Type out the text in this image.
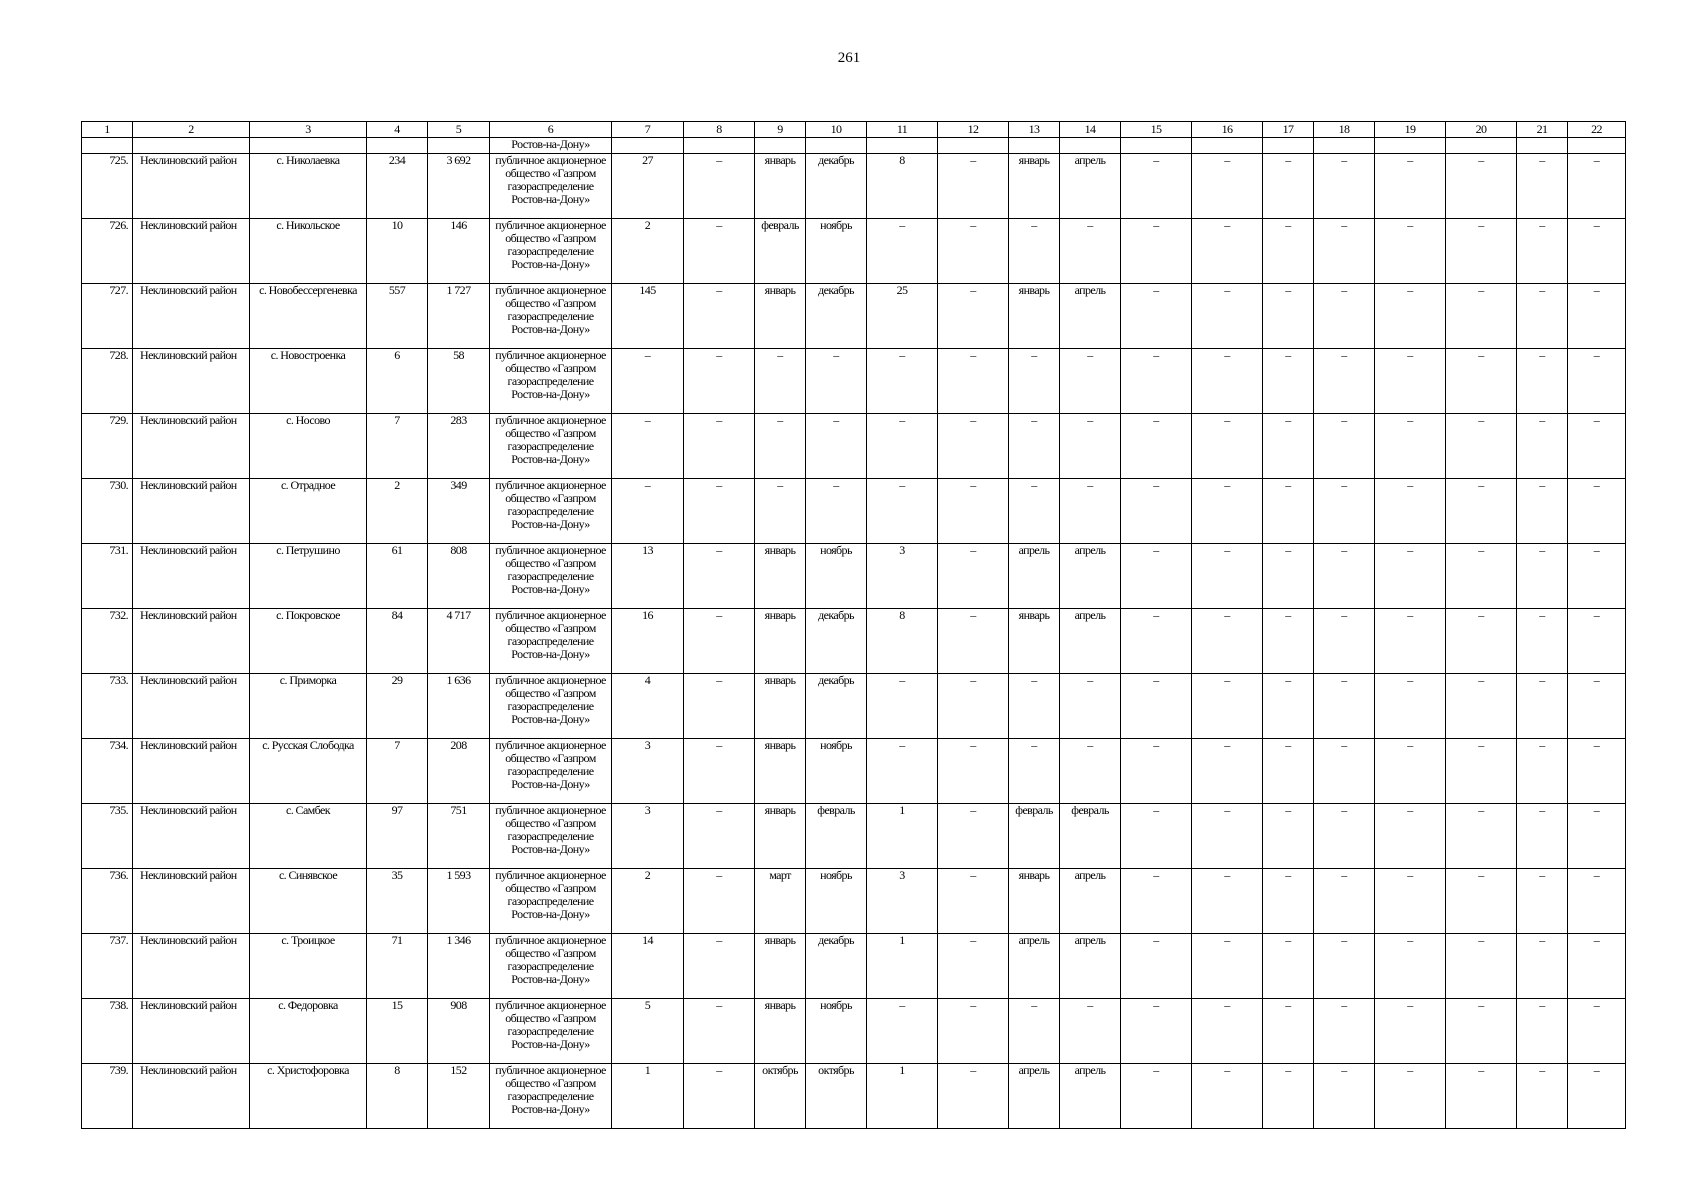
261
1	2	3	4	5	6	7	8	9	10	11	12	13	14	15	16	17	18	19	20	21	22
					Ростов-на-Дону»																
725.	Неклиновский район	с. Николаевка	234	3 692	публичное акционерное общество «Газпром газораспределение Ростов-на-Дону»	27	–	январь	декабрь	8	–	январь	апрель	–	–	–	–	–	–	–	–
726.	Неклиновский район	с. Никольское	10	146	публичное акционерное общество «Газпром газораспределение Ростов-на-Дону»	2	–	февраль	ноябрь	–	–	–	–	–	–	–	–	–	–	–	–
727.	Неклиновский район	с. Новобессергеневка	557	1 727	публичное акционерное общество «Газпром газораспределение Ростов-на-Дону»	145	–	январь	декабрь	25	–	январь	апрель	–	–	–	–	–	–	–	–
728.	Неклиновский район	с. Новостроенка	6	58	публичное акционерное общество «Газпром газораспределение Ростов-на-Дону»	–	–	–	–	–	–	–	–	–	–	–	–	–	–	–	–
729.	Неклиновский район	с. Носово	7	283	публичное акционерное общество «Газпром газораспределение Ростов-на-Дону»	–	–	–	–	–	–	–	–	–	–	–	–	–	–	–	–
730.	Неклиновский район	с. Отрадное	2	349	публичное акционерное общество «Газпром газораспределение Ростов-на-Дону»	–	–	–	–	–	–	–	–	–	–	–	–	–	–	–	–
731.	Неклиновский район	с. Петрушино	61	808	публичное акционерное общество «Газпром газораспределение Ростов-на-Дону»	13	–	январь	ноябрь	3	–	апрель	апрель	–	–	–	–	–	–	–	–
732.	Неклиновский район	с. Покровское	84	4 717	публичное акционерное общество «Газпром газораспределение Ростов-на-Дону»	16	–	январь	декабрь	8	–	январь	апрель	–	–	–	–	–	–	–	–
733.	Неклиновский район	с. Приморка	29	1 636	публичное акционерное общество «Газпром газораспределение Ростов-на-Дону»	4	–	январь	декабрь	–	–	–	–	–	–	–	–	–	–	–	–
734.	Неклиновский район	с. Русская Слободка	7	208	публичное акционерное общество «Газпром газораспределение Ростов-на-Дону»	3	–	январь	ноябрь	–	–	–	–	–	–	–	–	–	–	–	–
735.	Неклиновский район	с. Самбек	97	751	публичное акционерное общество «Газпром газораспределение Ростов-на-Дону»	3	–	январь	февраль	1	–	февраль	февраль	–	–	–	–	–	–	–	–
736.	Неклиновский район	с. Синявское	35	1 593	публичное акционерное общество «Газпром газораспределение Ростов-на-Дону»	2	–	март	ноябрь	3	–	январь	апрель	–	–	–	–	–	–	–	–
737.	Неклиновский район	с. Троицкое	71	1 346	публичное акционерное общество «Газпром газораспределение Ростов-на-Дону»	14	–	январь	декабрь	1	–	апрель	апрель	–	–	–	–	–	–	–	–
738.	Неклиновский район	с. Федоровка	15	908	публичное акционерное общество «Газпром газораспределение Ростов-на-Дону»	5	–	январь	ноябрь	–	–	–	–	–	–	–	–	–	–	–	–
739.	Неклиновский район	с. Христофоровка	8	152	публичное акционерное общество «Газпром газораспределение Ростов-на-Дону»	1	–	октябрь	октябрь	1	–	апрель	апрель	–	–	–	–	–	–	–	–
